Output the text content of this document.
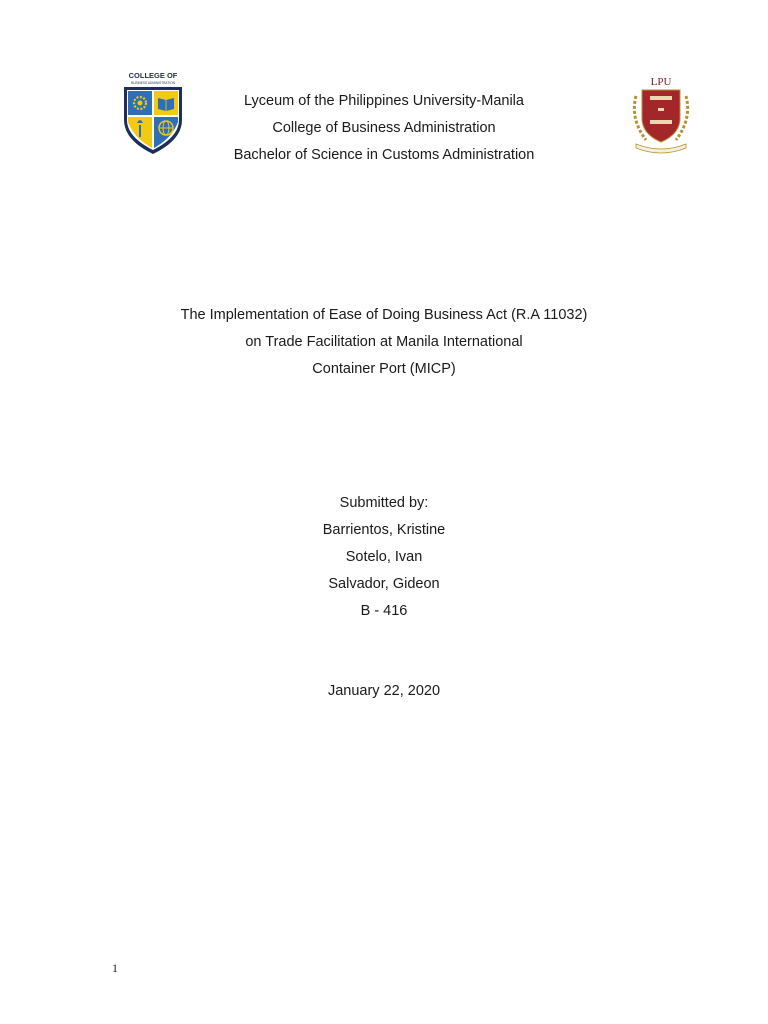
COLLEGE OF
BUSINESS ADMINISTRATION	LPU
Lyceum of the Philippines University-Manila
College of Business Administration
Bachelor of Science in Customs Administration
The Implementation of Ease of Doing Business Act (R.A 11032)
on Trade Facilitation at Manila International
Container Port (MICP)
Submitted by:
Barrientos, Kristine
Sotelo, Ivan
Salvador, Gideon
B - 416
January 22, 2020
1
